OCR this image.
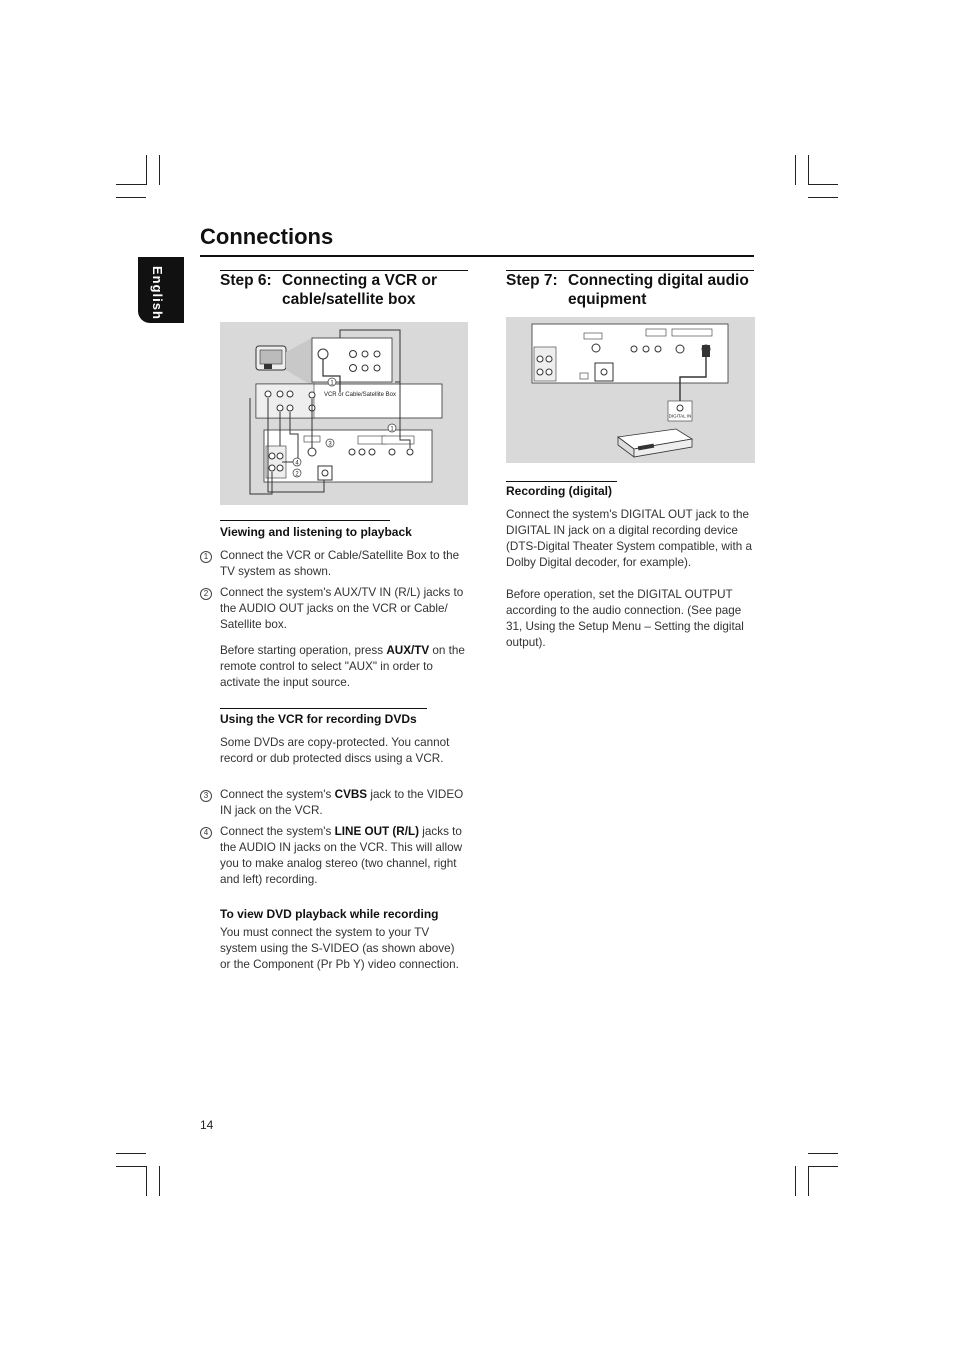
Connections
English	Step 6: Connecting a VCR or cable/satellite box
VCR or Cable/Satellite Box
1
3
4
2
1
Viewing and listening to playback
1	Connect the VCR or Cable/Satellite Box to the TV system as shown.
2	Connect the system's AUX/TV IN (R/L) jacks to the AUDIO OUT jacks on the VCR or Cable/ Satellite box.
Before starting operation, press AUX/TV on the remote control to select "AUX" in order to activate the input source.
Using the VCR for recording DVDs
Some DVDs are copy-protected. You cannot record or dub protected discs using a VCR.
3	Connect the system's CVBS jack to the VIDEO IN jack on the VCR.
4	Connect the system's LINE OUT (R/L) jacks to the AUDIO IN jacks on the VCR. This will allow you to make analog stereo (two channel, right and left) recording.
To view DVD playback while recording
You must connect the system to your TV system using the S-VIDEO (as shown above) or the Component (Pr Pb Y) video connection.
Step 7: Connecting digital audio equipment
DIGITAL IN
Recording (digital)
Connect the system's DIGITAL OUT jack to the DIGITAL IN jack on a digital recording device (DTS-Digital Theater System compatible, with a Dolby Digital decoder, for example).
Before operation, set the DIGITAL OUTPUT according to the audio connection. (See page 31, Using the Setup Menu – Setting the digital output).
14
